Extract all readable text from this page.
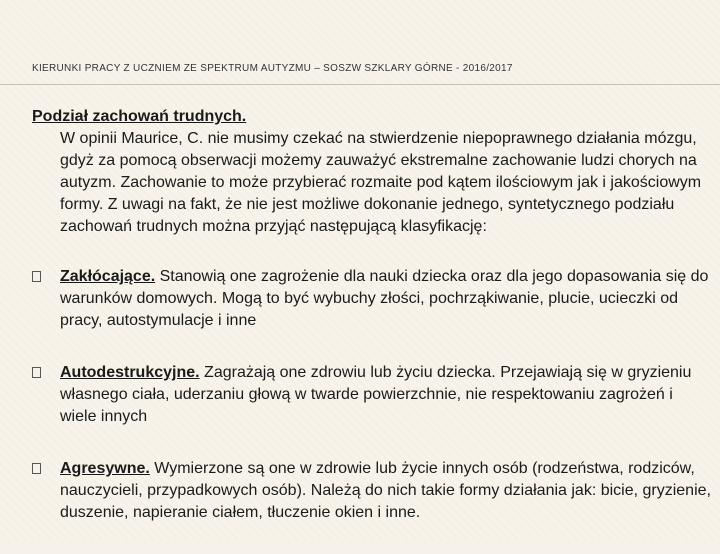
KIERUNKI PRACY Z UCZNIEM ZE SPEKTRUM AUTYZMU – SOSZW SZKLARY GÓRNE - 2016/2017

Podział zachowań trudnych.

W opinii Maurice, C. nie musimy czekać na stwierdzenie niepoprawnego działania mózgu, gdyż za pomocą obserwacji możemy zauważyć ekstremalne zachowanie ludzi chorych na autyzm. Zachowanie to może przybierać rozmaite pod kątem ilościowym jak i jakościowym formy. Z uwagi na fakt, że nie jest możliwe dokonanie jednego, syntetycznego podziału zachowań trudnych można przyjąć następującą klasyfikację:

Zakłócające. Stanowią one zagrożenie dla nauki dziecka oraz dla jego dopasowania się do warunków domowych. Mogą to być wybuchy złości, pochrząkiwanie, plucie, ucieczki od pracy, autostymulacje i inne
Autodestrukcyjne. Zagrażają one zdrowiu lub życiu dziecka. Przejawiają się w gryzieniu własnego ciała, uderzaniu głową w twarde powierzchnie, nie respektowaniu zagrożeń i wiele innych
Agresywne. Wymierzone są one w zdrowie lub życie innych osób (rodzeństwa, rodziców, nauczycieli, przypadkowych osób). Należą do nich takie formy działania jak: bicie, gryzienie, duszenie, napieranie ciałem, tłuczenie okien i inne.
